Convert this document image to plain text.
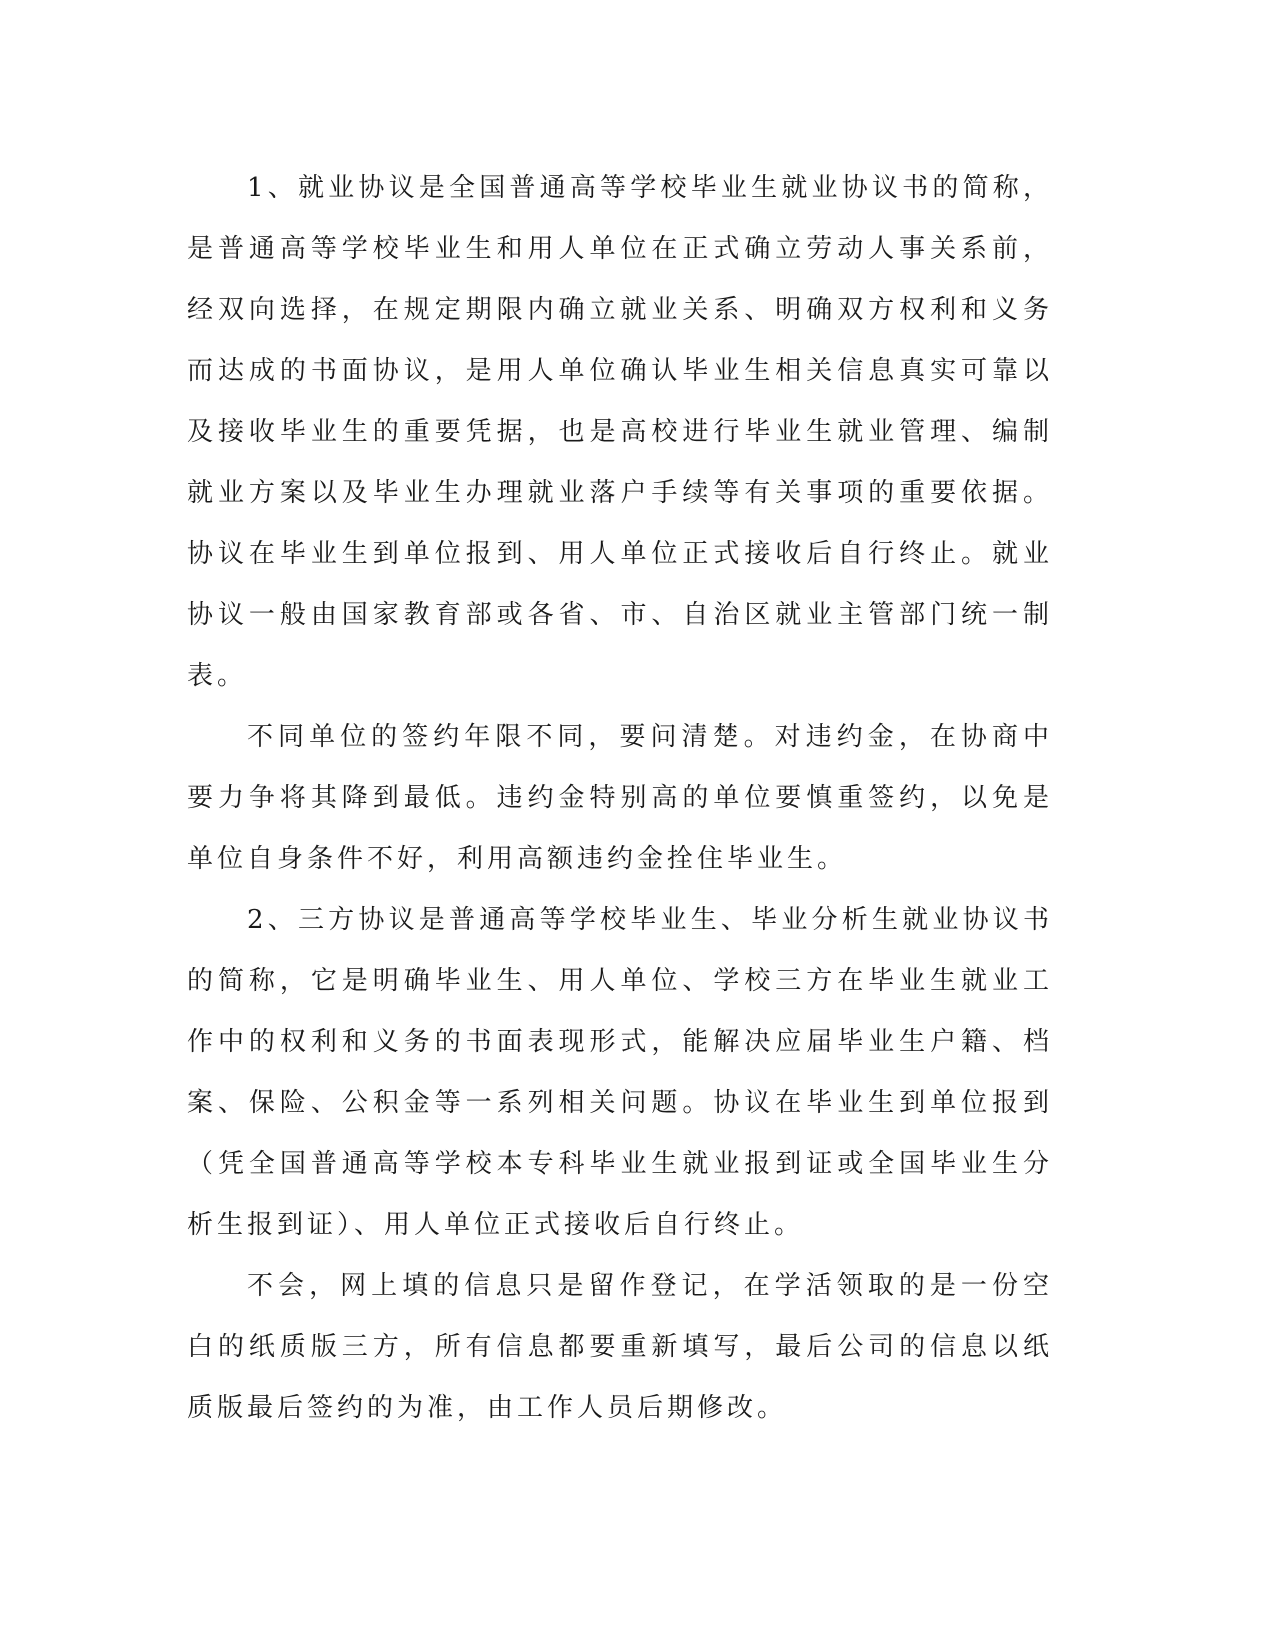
1、就业协议是全国普通高等学校毕业生就业协议书的简称，是普通高等学校毕业生和用人单位在正式确立劳动人事关系前，经双向选择，在规定期限内确立就业关系、明确双方权利和义务而达成的书面协议，是用人单位确认毕业生相关信息真实可靠以及接收毕业生的重要凭据，也是高校进行毕业生就业管理、编制就业方案以及毕业生办理就业落户手续等有关事项的重要依据。协议在毕业生到单位报到、用人单位正式接收后自行终止。就业协议一般由国家教育部或各省、市、自治区就业主管部门统一制表。

不同单位的签约年限不同，要问清楚。对违约金，在协商中要力争将其降到最低。违约金特别高的单位要慎重签约，以免是单位自身条件不好，利用高额违约金拴住毕业生。

2、三方协议是普通高等学校毕业生、毕业分析生就业协议书的简称，它是明确毕业生、用人单位、学校三方在毕业生就业工作中的权利和义务的书面表现形式，能解决应届毕业生户籍、档案、保险、公积金等一系列相关问题。协议在毕业生到单位报到（凭全国普通高等学校本专科毕业生就业报到证或全国毕业生分析生报到证）、用人单位正式接收后自行终止。

不会，网上填的信息只是留作登记，在学活领取的是一份空白的纸质版三方，所有信息都要重新填写，最后公司的信息以纸质版最后签约的为准，由工作人员后期修改。
